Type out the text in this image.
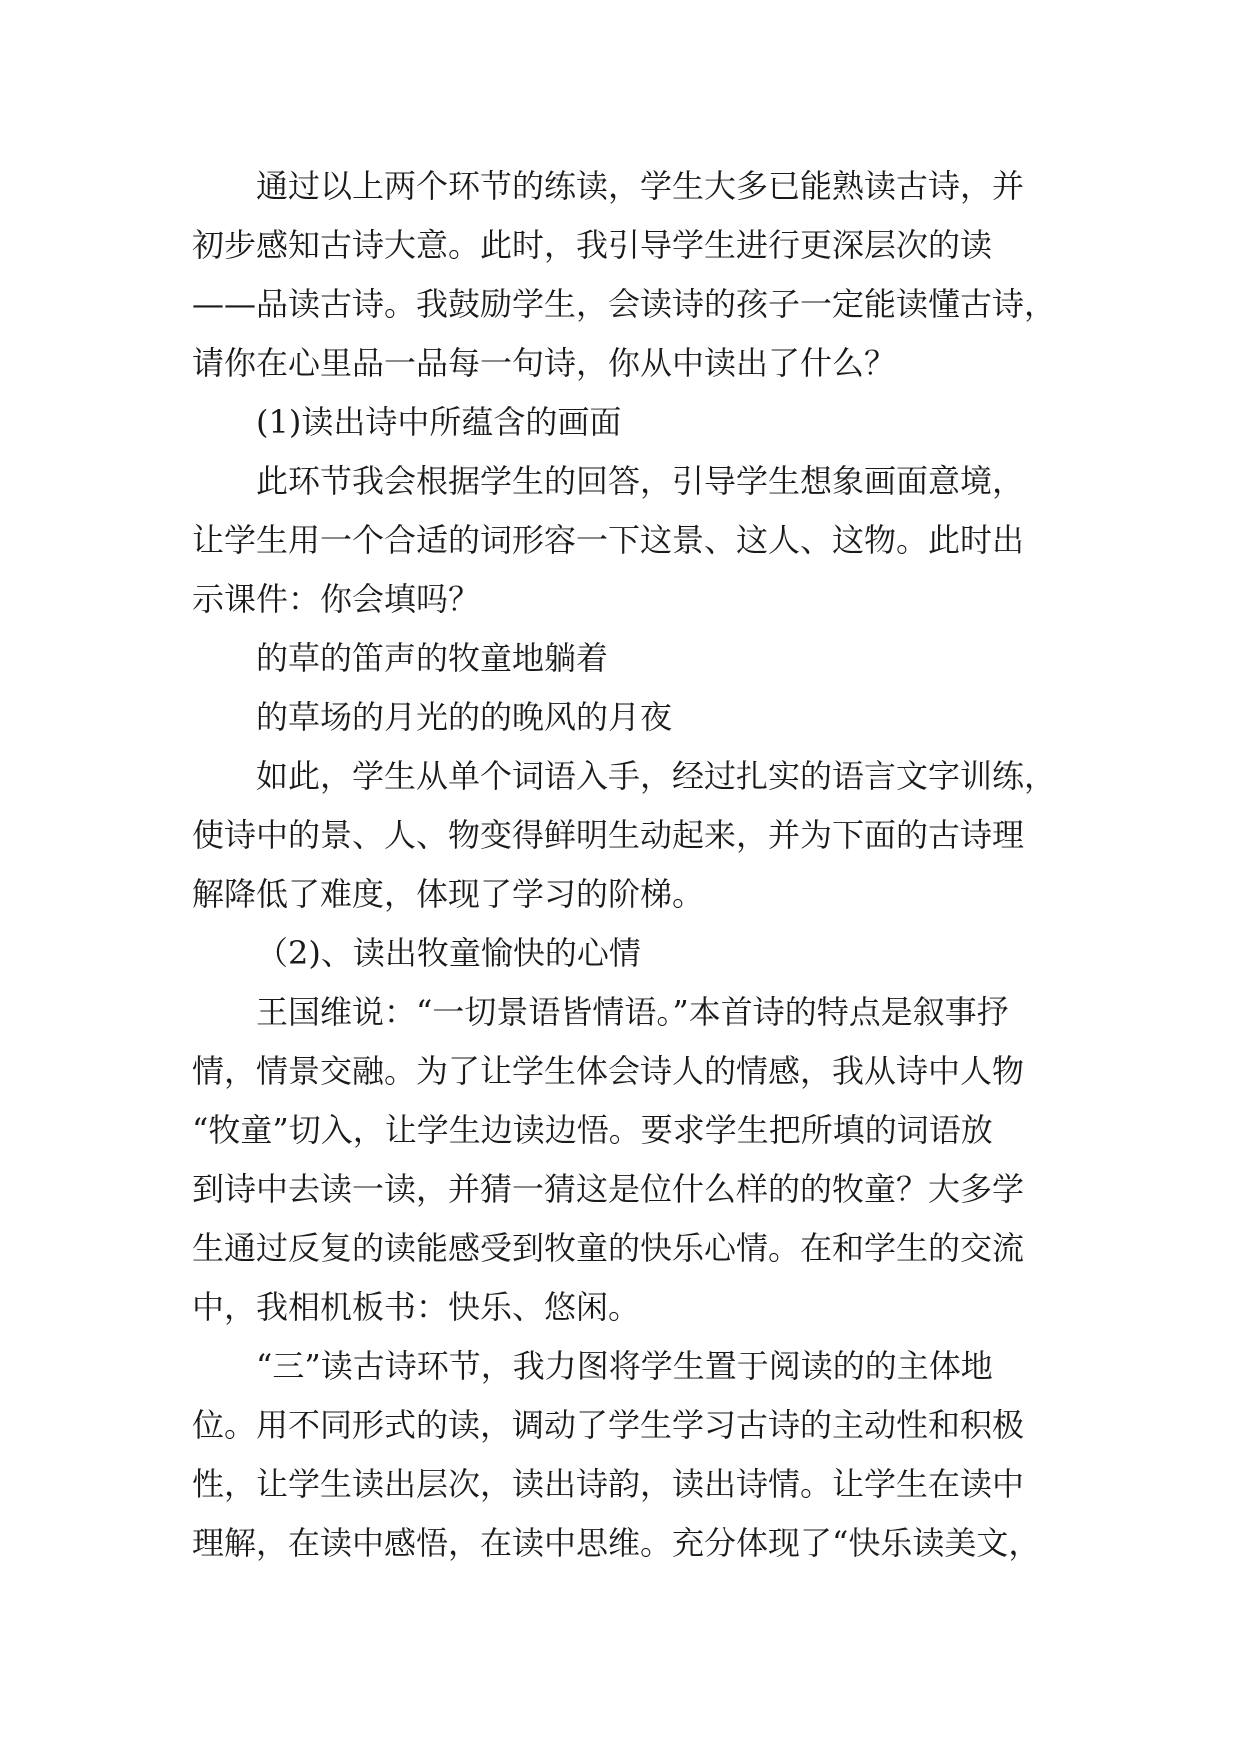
通过以上两个环节的练读，学生大多已能熟读古诗，并
初步感知古诗大意。此时，我引导学生进行更深层次的读
——品读古诗。我鼓励学生，会读诗的孩子一定能读懂古诗，
请你在心里品一品每一句诗，你从中读出了什么？
(1)读出诗中所蕴含的画面
此环节我会根据学生的回答，引导学生想象画面意境，
让学生用一个合适的词形容一下这景、这人、这物。此时出
示课件：你会填吗？
的草的笛声的牧童地躺着
的草场的月光的的晚风的月夜
如此，学生从单个词语入手，经过扎实的语言文字训练，
使诗中的景、人、物变得鲜明生动起来，并为下面的古诗理
解降低了难度，体现了学习的阶梯。
（2)、读出牧童愉快的心情
王国维说：“一切景语皆情语。”本首诗的特点是叙事抒
情，情景交融。为了让学生体会诗人的情感，我从诗中人物
“牧童”切入，让学生边读边悟。要求学生把所填的词语放
到诗中去读一读，并猜一猜这是位什么样的的牧童？大多学
生通过反复的读能感受到牧童的快乐心情。在和学生的交流
中，我相机板书：快乐、悠闲。
“三”读古诗环节，我力图将学生置于阅读的的主体地
位。用不同形式的读，调动了学生学习古诗的主动性和积极
性，让学生读出层次，读出诗韵，读出诗情。让学生在读中
理解，在读中感悟，在读中思维。充分体现了“快乐读美文，
